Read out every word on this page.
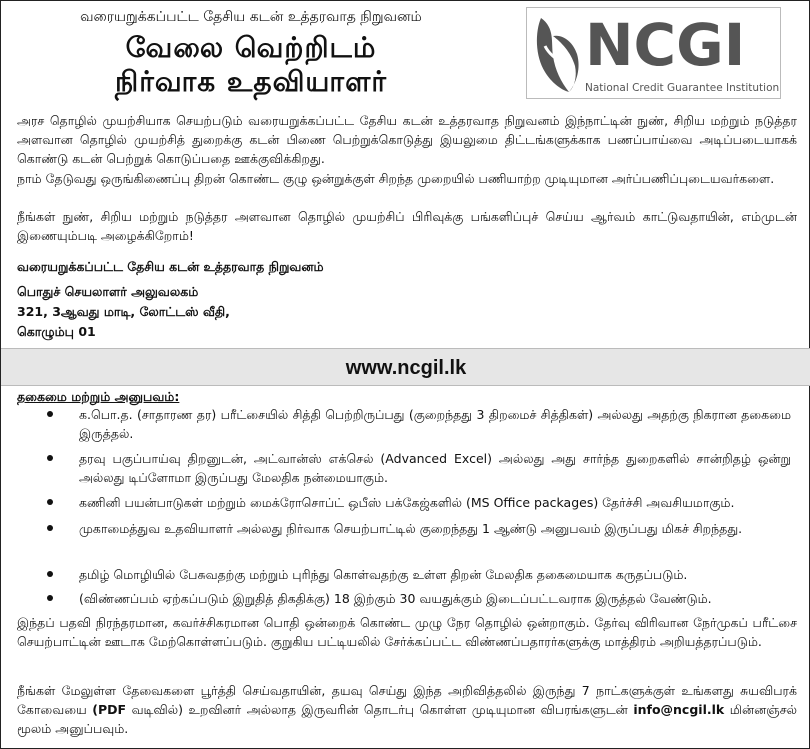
வரையறுக்கப்பட்ட தேசிய கடன் உத்தரவாத நிறுவனம்
வேலை வெற்றிடம்
நிர்வாக உதவியாளர்
NCGI
National Credit Guarantee Institution
அரச தொழில் முயற்சியாக செயற்படும் வரையறுக்கப்பட்ட தேசிய கடன் உத்தரவாத நிறுவனம் இந்நாட்டின் நுண், சிறிய மற்றும் நடுத்தர அளவான தொழில் முயற்சித் துறைக்கு கடன் பிணை பெற்றுக்கொடுத்து இயலுமை திட்டங்களுக்காக பணப்பாய்வை அடிப்படையாகக் கொண்டு கடன் பெற்றுக் கொடுப்பதை ஊக்குவிக்கிறது.
நாம் தேடுவது ஒருங்கிணைப்பு திறன் கொண்ட குழு ஒன்றுக்குள் சிறந்த முறையில் பணியாற்ற முடியுமான அர்ப்பணிப்புடையவர்களை.
நீங்கள் நுண், சிறிய மற்றும் நடுத்தர அளவான தொழில் முயற்சிப் பிரிவுக்கு பங்களிப்புச் செய்ய ஆர்வம் காட்டுவதாயின், எம்முடன் இணையும்படி அழைக்கிறோம்!
வரையறுக்கப்பட்ட தேசிய கடன் உத்தரவாத நிறுவனம்
பொதுச் செயலாளர் அலுவலகம்
321, 3ஆவது மாடி, லோட்டஸ் வீதி,
கொழும்பு 01
www.ncgil.lk
தகைமை மற்றும் அனுபவம்:
க.பொ.த. (சாதாரண தர) பரீட்சையில் சித்தி பெற்றிருப்பது (குறைந்தது 3 திறமைச் சித்திகள்) அல்லது அதற்கு நிகரான தகைமை இருத்தல்.
தரவு பகுப்பாய்வு திறனுடன், அட்வான்ஸ் எக்செல் (Advanced Excel) அல்லது அது சார்ந்த துறைகளில் சான்றிதழ் ஒன்று அல்லது டிப்ளோமா இருப்பது மேலதிக நன்மையாகும்.
கணினி பயன்பாடுகள் மற்றும் மைக்ரோசொப்ட் ஒபீஸ் பக்கேஜ்களில் (MS Office packages) தேர்ச்சி அவசியமாகும்.
முகாமைத்துவ உதவியாளர் அல்லது நிர்வாக செயற்பாட்டில் குறைந்தது 1 ஆண்டு அனுபவம் இருப்பது மிகச் சிறந்தது.
தமிழ் மொழியில் பேசுவதற்கு மற்றும் புரிந்து கொள்வதற்கு உள்ள திறன் மேலதிக தகைமையாக கருதப்படும்.
(விண்ணப்பம் ஏற்கப்படும் இறுதித் திகதிக்கு) 18 இற்கும் 30 வயதுக்கும் இடைப்பட்டவராக இருத்தல் வேண்டும்.
இந்தப் பதவி நிரந்தரமான, கவர்ச்சிகரமான பொதி ஒன்றைக் கொண்ட முழு நேர தொழில் ஒன்றாகும். தேர்வு விரிவான நேர்முகப் பரீட்சை செயற்பாட்டின் ஊடாக மேற்கொள்ளப்படும். குறுகிய பட்டியலில் சேர்க்கப்பட்ட விண்ணப்பதாரர்களுக்கு மாத்திரம் அறியத்தரப்படும்.
நீங்கள் மேலுள்ள தேவைகளை பூர்த்தி செய்வதாயின், தயவு செய்து இந்த அறிவித்தலில் இருந்து 7 நாட்களுக்குள் உங்களது சுயவிபரக் கோவையை (PDF வடிவில்) உறவினர் அல்லாத இருவரின் தொடர்பு கொள்ள முடியுமான விபரங்களுடன் info@ncgil.lk மின்னஞ்சல் மூலம் அனுப்பவும்.
